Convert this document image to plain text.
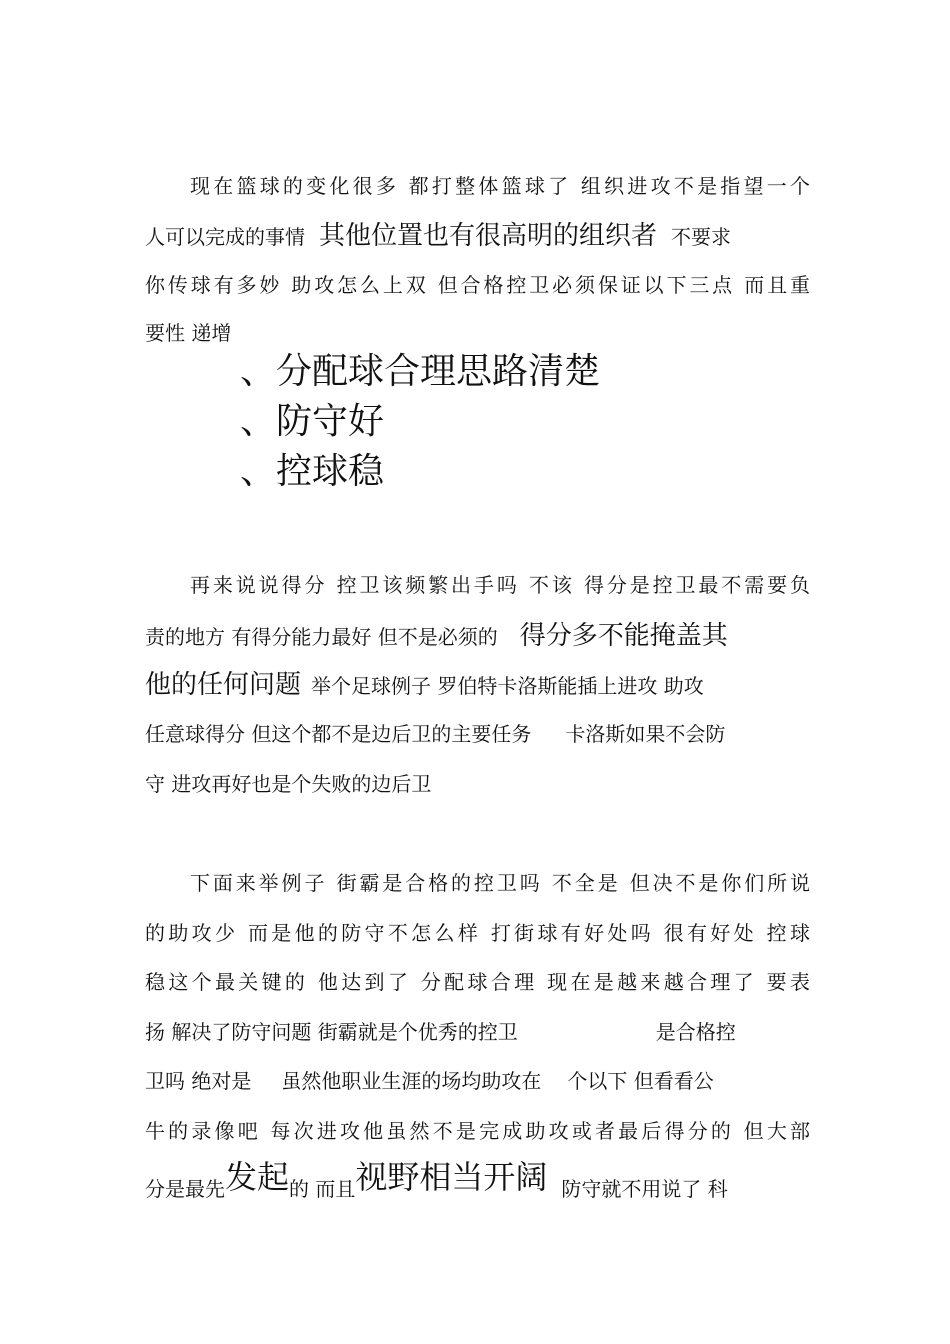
现在篮球的变化很多 都打整体篮球了 组织进攻不是指望一个
人可以完成的事情 其他位置也有很高明的组织者 不要求
你传球有多妙 助攻怎么上双 但合格控卫必须保证以下三点 而且重
要性 递增
、分配球合理思路清楚
、防守好
、控球稳
再来说说得分 控卫该频繁出手吗 不该 得分是控卫最不需要负
责的地方 有得分能力最好 但不是必须的 得分多不能掩盖其
他的任何问题 举个足球例子 罗伯特卡洛斯能插上进攻 助攻
任意球得分 但这个都不是边后卫的主要任务 卡洛斯如果不会防
守 进攻再好也是个失败的边后卫
下面来举例子 街霸是合格的控卫吗 不全是 但决不是你们所说
的助攻少 而是他的防守不怎么样 打街球有好处吗 很有好处 控球
稳这个最关键的 他达到了 分配球合理 现在是越来越合理了 要表
扬 解决了防守问题 街霸就是个优秀的控卫	是合格控
卫吗 绝对是 虽然他职业生涯的场均助攻在 个以下 但看看公
牛的录像吧 每次进攻他虽然不是完成助攻或者最后得分的 但大部
分是最先发起的 而且视野相当开阔 防守就不用说了 科
